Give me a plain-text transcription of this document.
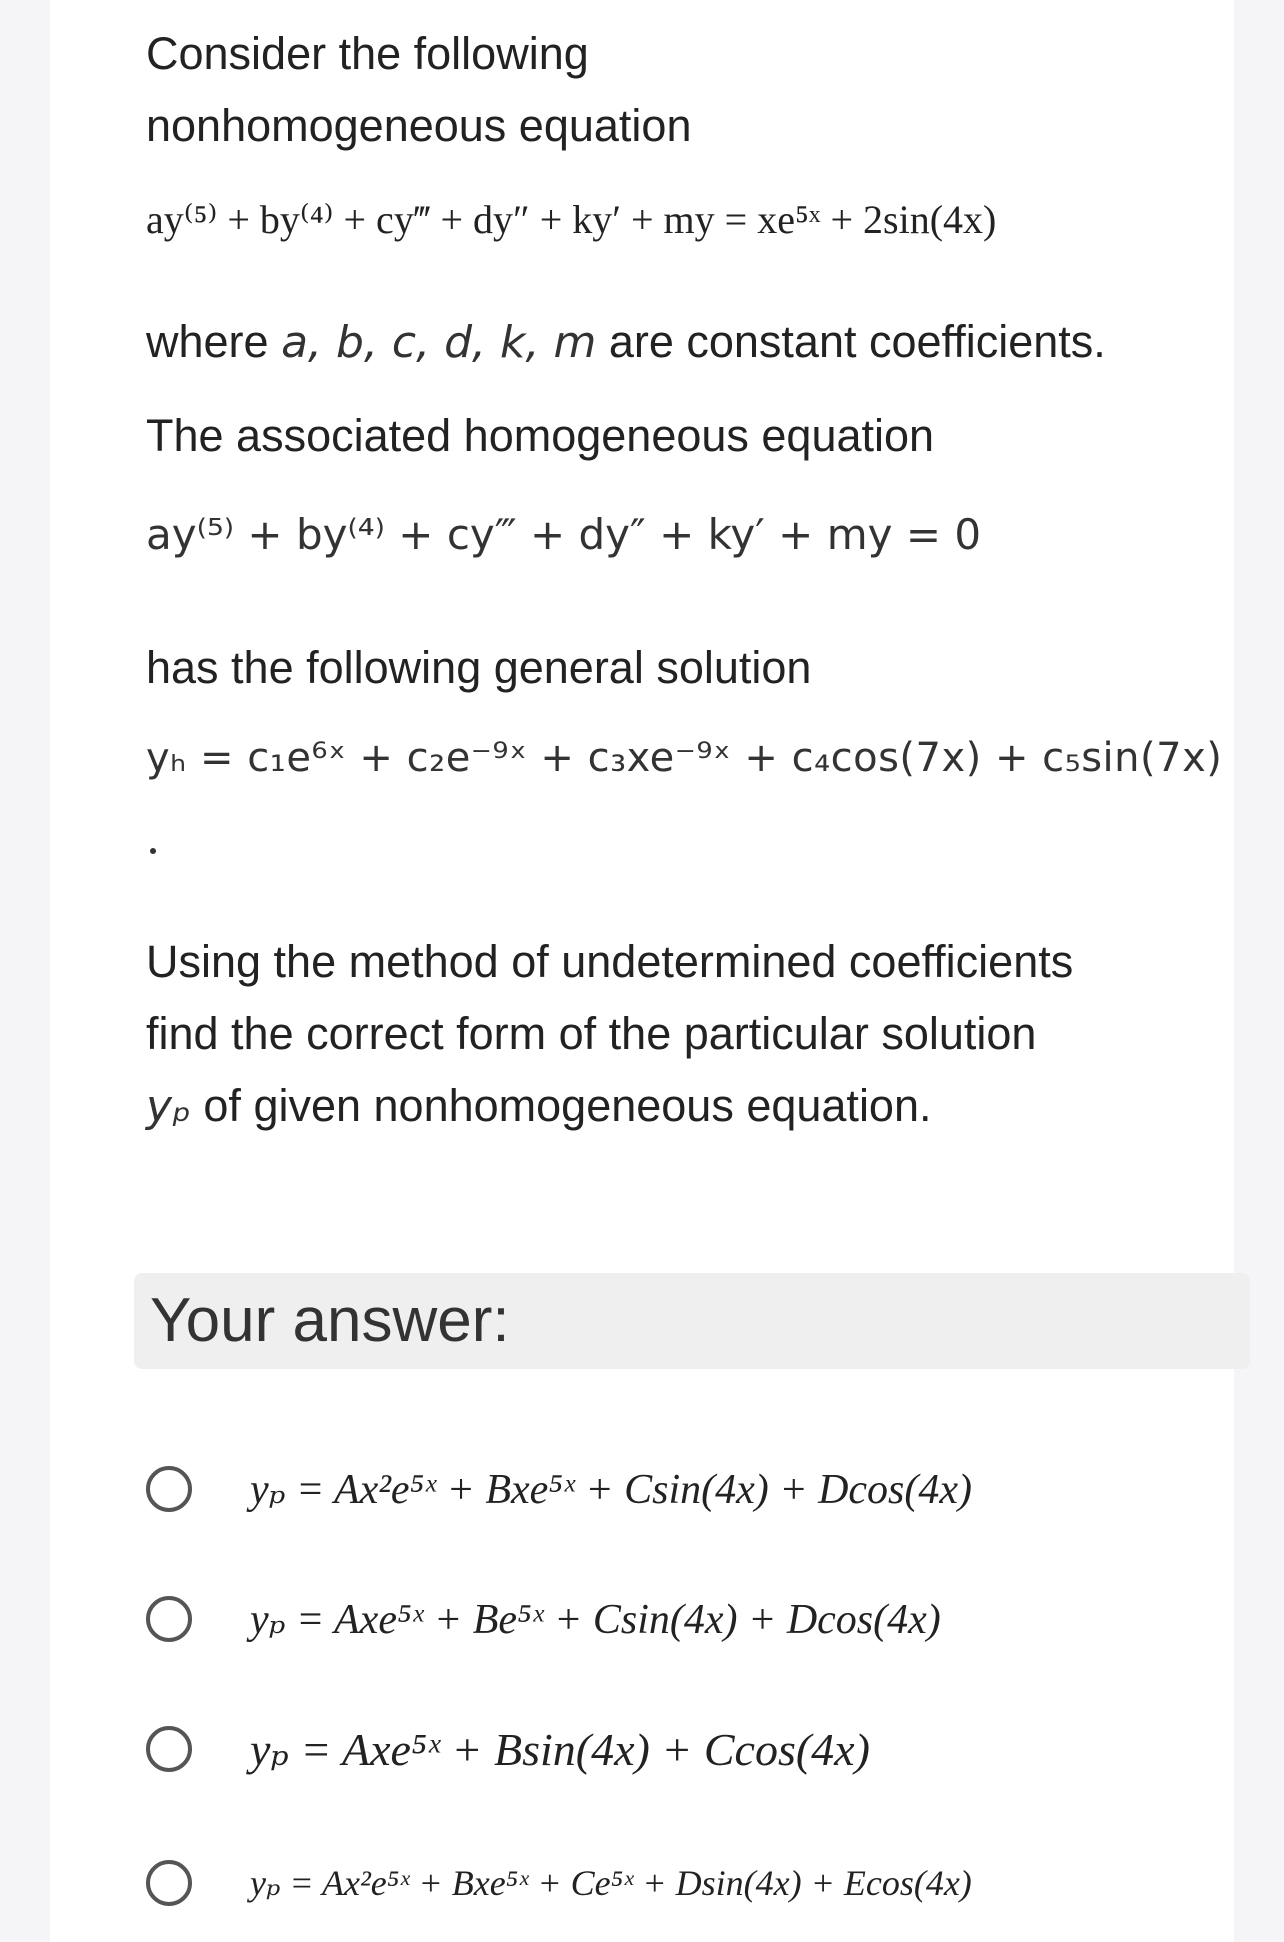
Consider the following

nonhomogeneous equation

ay⁽⁵⁾ + by⁽⁴⁾ + cy‴ + dy″ + ky′ + my = xe⁵ˣ + 2sin(4x)

where a, b, c, d, k, m are constant coefficients.

The associated homogeneous equation

ay⁽⁵⁾ + by⁽⁴⁾ + cy‴ + dy″ + ky′ + my = 0

has the following general solution

yₕ = c₁e⁶ˣ + c₂e⁻⁹ˣ + c₃xe⁻⁹ˣ + c₄cos(7x) + c₅sin(7x)

Using the method of undetermined coefficients

find the correct form of the particular solution

yₚ of given nonhomogeneous equation.

Your answer:
yₚ = Ax²e⁵ˣ + Bxe⁵ˣ + Csin(4x) + Dcos(4x)
yₚ = Axe⁵ˣ + Be⁵ˣ + Csin(4x) + Dcos(4x)
yₚ = Axe⁵ˣ + Bsin(4x) + Ccos(4x)
yₚ = Ax²e⁵ˣ + Bxe⁵ˣ + Ce⁵ˣ + Dsin(4x) + Ecos(4x)
